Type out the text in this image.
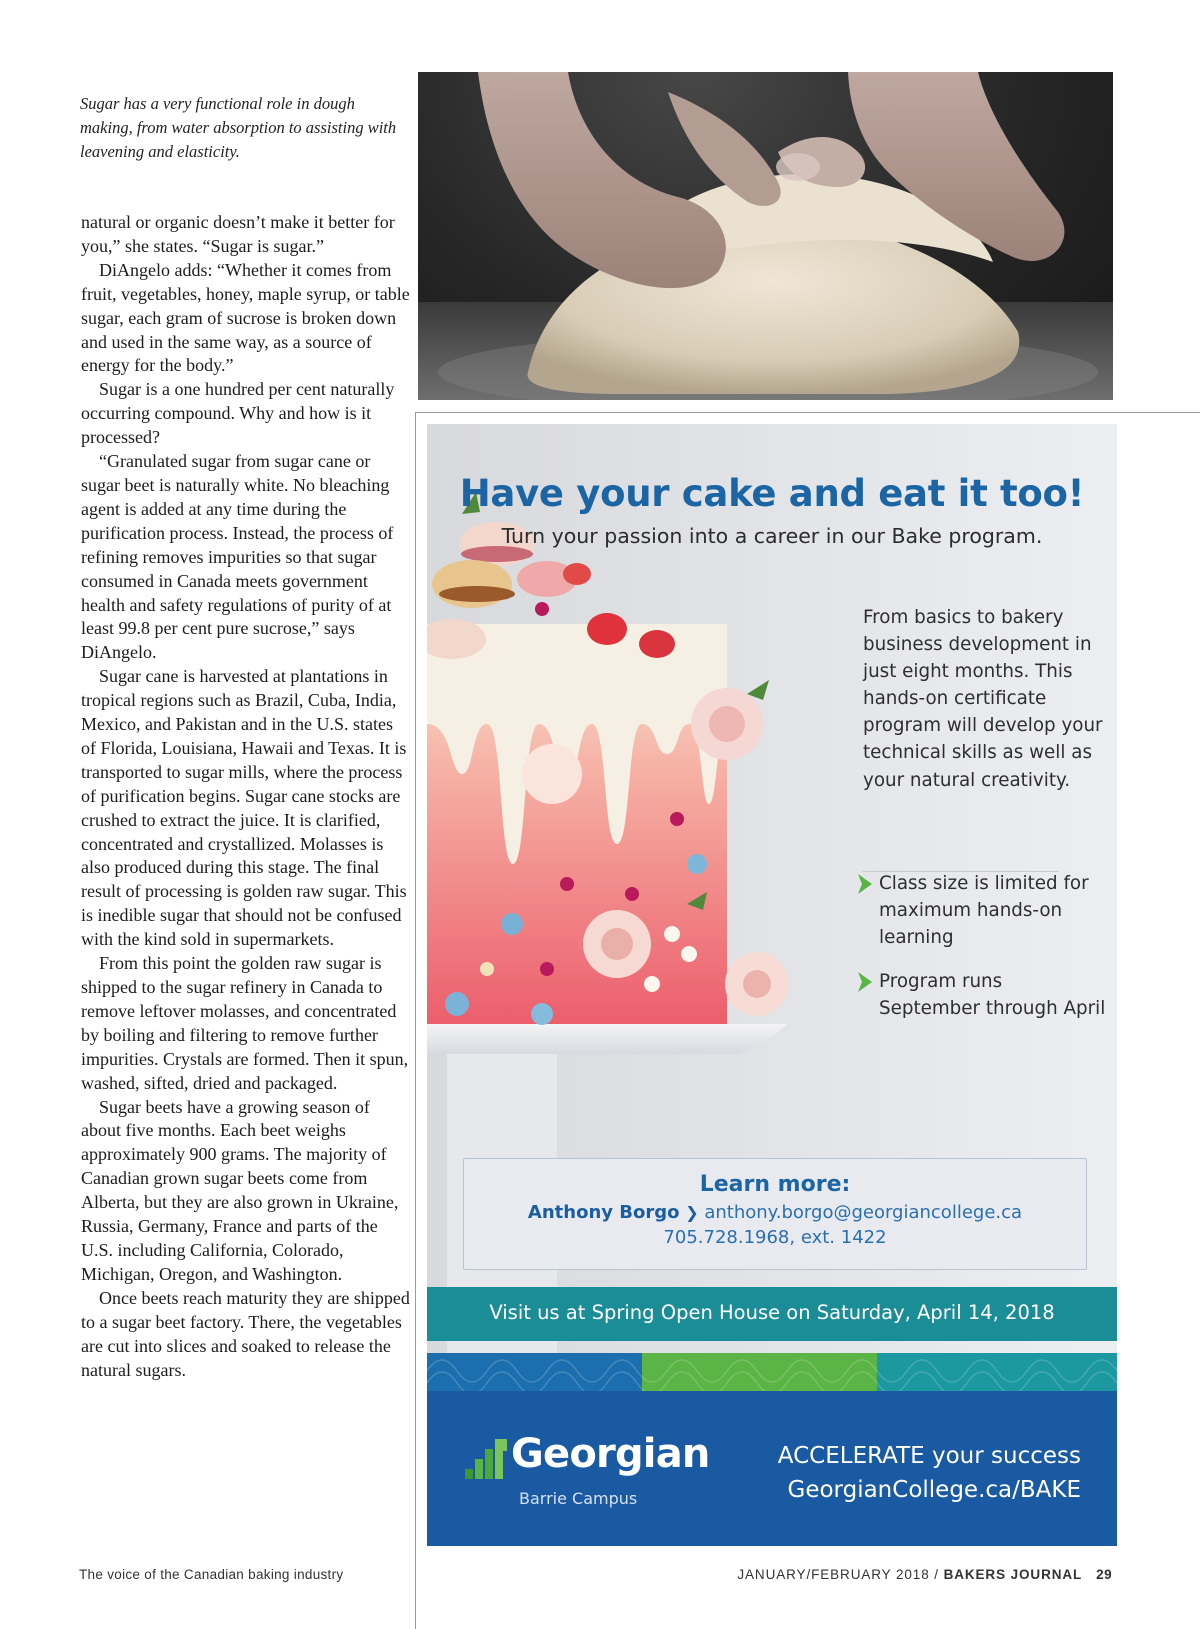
Sugar has a very functional role in dough making, from water absorption to assisting with leavening and elasticity.

natural or organic doesn’t make it better for you,” she states. “Sugar is sugar.”

DiAngelo adds: “Whether it comes from fruit, vegetables, honey, maple syrup, or table sugar, each gram of sucrose is broken down and used in the same way, as a source of energy for the body.”

Sugar is a one hundred per cent naturally occurring compound. Why and how is it processed?

“Granulated sugar from sugar cane or sugar beet is naturally white. No bleaching agent is added at any time during the purification process. Instead, the process of refining removes impurities so that sugar consumed in Canada meets government health and safety regulations of purity of at least 99.8 per cent pure sucrose,” says DiAngelo.

Sugar cane is harvested at plantations in tropical regions such as Brazil, Cuba, India, Mexico, and Pakistan and in the U.S. states of Florida, Louisiana, Hawaii and Texas. It is transported to sugar mills, where the process of purification begins. Sugar cane stocks are crushed to extract the juice. It is clarified, concentrated and crystallized. Molasses is also produced during this stage. The final result of processing is golden raw sugar. This is inedible sugar that should not be confused with the kind sold in supermarkets.

From this point the golden raw sugar is shipped to the sugar refinery in Canada to remove leftover molasses, and concentrated by boiling and filtering to remove further impurities. Crystals are formed. Then it spun, washed, sifted, dried and packaged.

Sugar beets have a growing season of about five months. Each beet weighs approximately 900 grams. The majority of Canadian grown sugar beets come from Alberta, but they are also grown in Ukraine, Russia, Germany, France and parts of the U.S. including California, Colorado, Michigan, Oregon, and Washington.

Once beets reach maturity they are shipped to a sugar beet factory. There, the vegetables are cut into slices and soaked to release the natural sugars.

Have your cake and eat it too!

Turn your passion into a career in our Bake program.

From basics to bakery business development in just eight months. This hands-on certificate program will develop your technical skills as well as your natural creativity.

Class size is limited for maximum hands-on learning
Program runs September through April

Learn more:

Anthony Borgo ❯ anthony.borgo@georgiancollege.ca

705.728.1968, ext. 1422

Visit us at Spring Open House on Saturday, April 14, 2018

Georgian

Barrie Campus

ACCELERATE your success

GeorgianCollege.ca/BAKE

The voice of the Canadian baking industry	JANUARY/FEBRUARY 2018 / BAKERS JOURNAL 29
